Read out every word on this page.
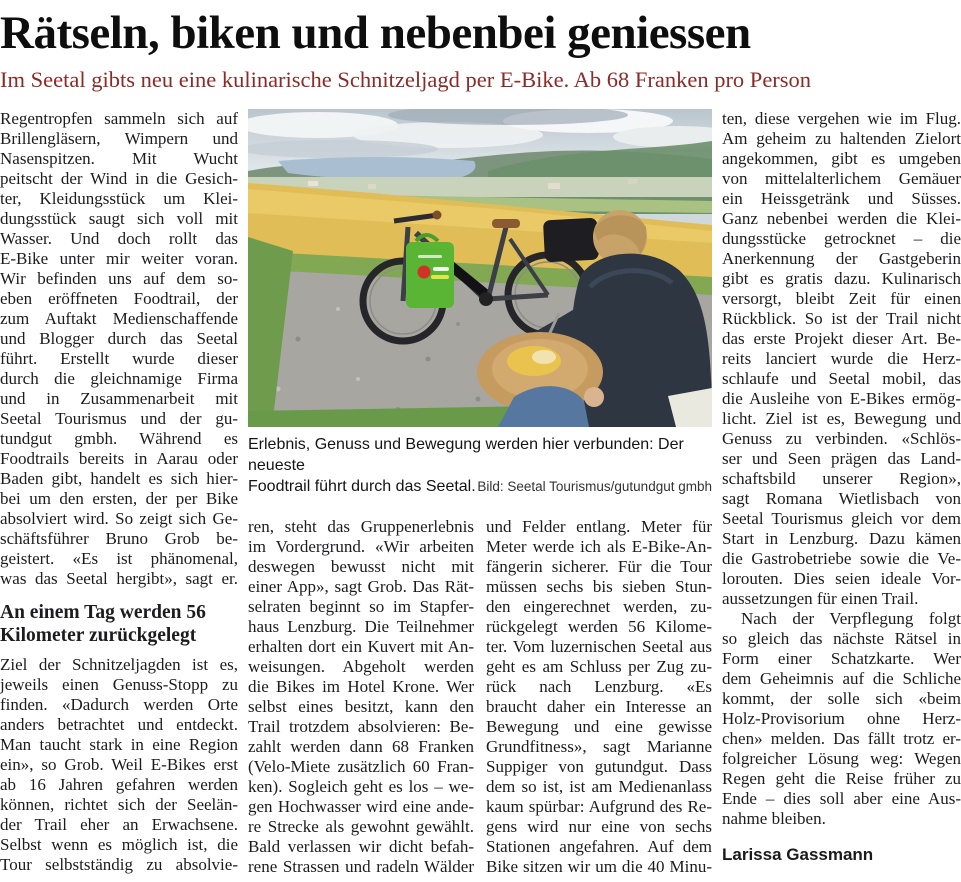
Rätseln, biken und nebenbei geniessen
Im Seetal gibts neu eine kulinarische Schnitzeljagd per E-Bike. Ab 68 Franken pro Person
Regentropfen sammeln sich auf
Brillengläsern, Wimpern und
Nasenspitzen. Mit Wucht
peitscht der Wind in die Gesich-
ter, Kleidungsstück um Klei-
dungsstück saugt sich voll mit
Wasser. Und doch rollt das
E-Bike unter mir weiter voran.
Wir befinden uns auf dem so-
eben eröffneten Foodtrail, der
zum Auftakt Medienschaffende
und Blogger durch das Seetal
führt. Erstellt wurde dieser
durch die gleichnamige Firma
und in Zusammenarbeit mit
Seetal Tourismus und der gu-
tundgut gmbh. Während es
Foodtrails bereits in Aarau oder
Baden gibt, handelt es sich hier-
bei um den ersten, der per Bike
absolviert wird. So zeigt sich Ge-
schäftsführer Bruno Grob be-
geistert. «Es ist phänomenal,
was das Seetal hergibt», sagt er.
An einem Tag werden 56
Kilometer zurückgelegt
Ziel der Schnitzeljagden ist es,
jeweils einen Genuss-Stopp zu
finden. «Dadurch werden Orte
anders betrachtet und entdeckt.
Man taucht stark in eine Region
ein», so Grob. Weil E-Bikes erst
ab 16 Jahren gefahren werden
können, richtet sich der Seelän-
der Trail eher an Erwachsene.
Selbst wenn es möglich ist, die
Tour selbstständig zu absolvie-
Erlebnis, Genuss und Bewegung werden hier verbunden: Der neueste
Foodtrail führt durch das Seetal. Bild: Seetal Tourismus/gutundgut gmbh
ren, steht das Gruppenerlebnis
im Vordergrund. «Wir arbeiten
deswegen bewusst nicht mit
einer App», sagt Grob. Das Rät-
selraten beginnt so im Stapfer-
haus Lenzburg. Die Teilnehmer
erhalten dort ein Kuvert mit An-
weisungen. Abgeholt werden
die Bikes im Hotel Krone. Wer
selbst eines besitzt, kann den
Trail trotzdem absolvieren: Be-
zahlt werden dann 68 Franken
(Velo-Miete zusätzlich 60 Fran-
ken). Sogleich geht es los – we-
gen Hochwasser wird eine ande-
re Strecke als gewohnt gewählt.
Bald verlassen wir dicht befah-
rene Strassen und radeln Wälder
und Felder entlang. Meter für
Meter werde ich als E-Bike-An-
fängerin sicherer. Für die Tour
müssen sechs bis sieben Stun-
den eingerechnet werden, zu-
rückgelegt werden 56 Kilome-
ter. Vom luzernischen Seetal aus
geht es am Schluss per Zug zu-
rück nach Lenzburg. «Es
braucht daher ein Interesse an
Bewegung und eine gewisse
Grundfitness», sagt Marianne
Suppiger von gutundgut. Dass
dem so ist, ist am Medienanlass
kaum spürbar: Aufgrund des Re-
gens wird nur eine von sechs
Stationen angefahren. Auf dem
Bike sitzen wir um die 40 Minu-
ten, diese vergehen wie im Flug.
Am geheim zu haltenden Zielort
angekommen, gibt es umgeben
von mittelalterlichem Gemäuer
ein Heissgetränk und Süsses.
Ganz nebenbei werden die Klei-
dungsstücke getrocknet – die
Anerkennung der Gastgeberin
gibt es gratis dazu. Kulinarisch
versorgt, bleibt Zeit für einen
Rückblick. So ist der Trail nicht
das erste Projekt dieser Art. Be-
reits lanciert wurde die Herz-
schlaufe und Seetal mobil, das
die Ausleihe von E-Bikes ermög-
licht. Ziel ist es, Bewegung und
Genuss zu verbinden. «Schlös-
ser und Seen prägen das Land-
schaftsbild unserer Region»,
sagt Romana Wietlisbach von
Seetal Tourismus gleich vor dem
Start in Lenzburg. Dazu kämen
die Gastrobetriebe sowie die Ve-
lorouten. Dies seien ideale Vor-
aussetzungen für einen Trail.
Nach der Verpflegung folgt
so gleich das nächste Rätsel in
Form einer Schatzkarte. Wer
dem Geheimnis auf die Schliche
kommt, der solle sich «beim
Holz-Provisorium ohne Herz-
chen» melden. Das fällt trotz er-
folgreicher Lösung weg: Wegen
Regen geht die Reise früher zu
Ende – dies soll aber eine Aus-
nahme bleiben.
Larissa Gassmann
